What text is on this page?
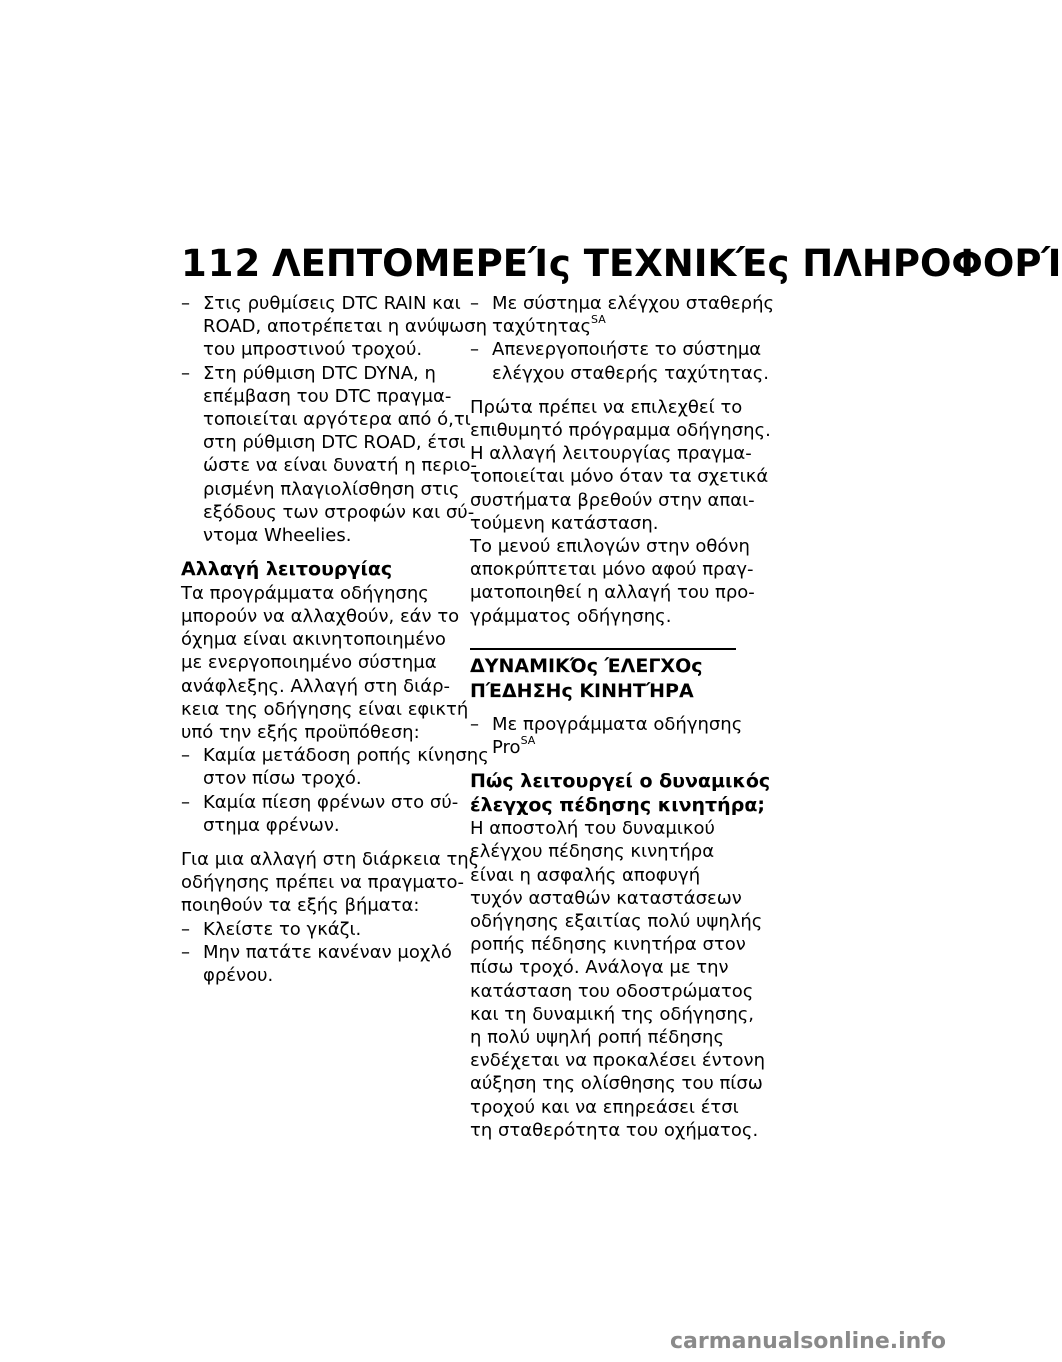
112 ΛΕΠΤΟΜΕΡΕΊς ΤΕΧΝΙΚΈς ΠΛΗΡΟΦΟΡΊ
– Στις ρυθμίσεις DTC RAIN και
ROAD, αποτρέπεται η ανύψωση
του μπροστινού τροχού.
– Στη ρύθμιση DTC DYNA, η
επέμβαση του DTC πραγμα-
τοποιείται αργότερα από ό,τι
στη ρύθμιση DTC ROAD, έτσι
ώστε να είναι δυνατή η περιο-
ρισμένη πλαγιολίσθηση στις
εξόδους των στροφών και σύ-
ντομα Wheelies.
Αλλαγή λειτουργίας
Τα προγράμματα οδήγησης
μπορούν να αλλαχθούν, εάν το
όχημα είναι ακινητοποιημένο
με ενεργοποιημένο σύστημα
ανάφλεξης. Αλλαγή στη διάρ-
κεια της οδήγησης είναι εφικτή
υπό την εξής προϋπόθεση:
– Καμία μετάδοση ροπής κίνησης
στον πίσω τροχό.
– Καμία πίεση φρένων στο σύ-
στημα φρένων.
Για μια αλλαγή στη διάρκεια της
οδήγησης πρέπει να πραγματο-
ποιηθούν τα εξής βήματα:
– Κλείστε το γκάζι.
– Μην πατάτε κανέναν μοχλό
φρένου.
– Με σύστημα ελέγχου σταθερής
ταχύτητας$^{SA}$
– Απενεργοποιήστε το σύστημα
ελέγχου σταθερής ταχύτητας.
Πρώτα πρέπει να επιλεχθεί το
επιθυμητό πρόγραμμα οδήγησης.
Η αλλαγή λειτουργίας πραγμα-
τοποιείται μόνο όταν τα σχετικά
συστήματα βρεθούν στην απαι-
τούμενη κατάσταση.
Το μενού επιλογών στην οθόνη
αποκρύπτεται μόνο αφού πραγ-
ματοποιηθεί η αλλαγή του προ-
γράμματος οδήγησης.
ΔΥΝΑΜΙΚΌς ΈΛΕΓΧΟς
ΠΈΔΗΣΗς ΚΙΝΗΤΉΡΑ
– Με προγράμματα οδήγησης
Pro$^{SA}$
Πώς λειτουργεί ο δυναμικός
έλεγχος πέδησης κινητήρα;
Η αποστολή του δυναμικού
ελέγχου πέδησης κινητήρα
είναι η ασφαλής αποφυγή
τυχόν ασταθών καταστάσεων
οδήγησης εξαιτίας πολύ υψηλής
ροπής πέδησης κινητήρα στον
πίσω τροχό. Ανάλογα με την
κατάσταση του οδοστρώματος
και τη δυναμική της οδήγησης,
η πολύ υψηλή ροπή πέδησης
ενδέχεται να προκαλέσει έντονη
αύξηση της ολίσθησης του πίσω
τροχού και να επηρεάσει έτσι
τη σταθερότητα του οχήματος.
carmanualsonline.info
